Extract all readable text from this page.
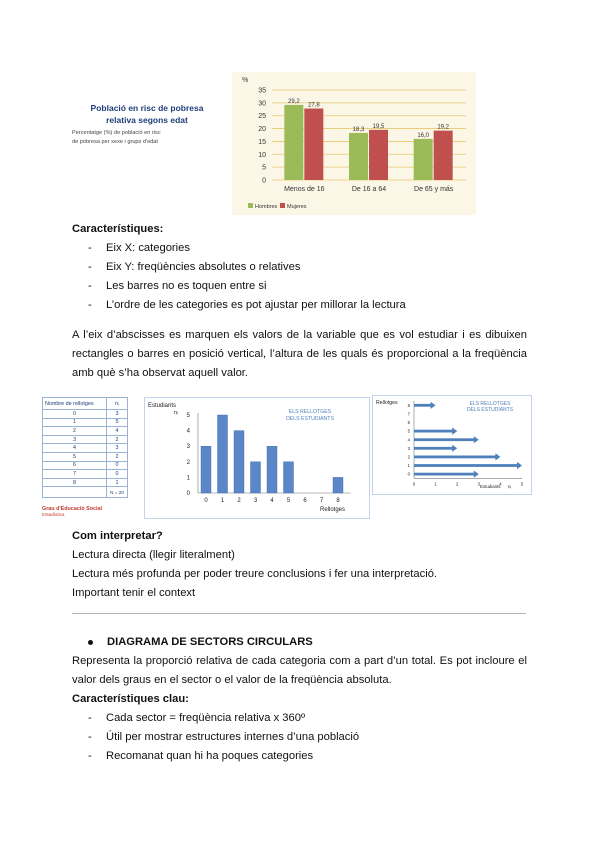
Població en risc de pobresa
relativa segons edat
Percentatge (%) de població en risc
de pobresa per sexe i grups d'edat
%
0
5
10
15
20
25
30
35
29,2
27,8
Menos de 16
18,3
19,5
De 16 a 64
16,0
19,2
De 65 y más
Hombres Mujeres
Característiques:
- Eix X: categories
- Eix Y: freqüències absolutes o relatives
- Les barres no es toquen entre si
- L’ordre de les categories es pot ajustar per millorar la lectura
A l’eix d’abscisses es marquen els valors de la variable que es vol estudiar i es dibuixen rectangles o barres en posició vertical, l’altura de les quals és proporcional a la freqüència amb què s’ha observat aquell valor.
Nombre de rellotges	nᵢ
0	3
1	5
2	4
3	2
4	3
5	2
6	0
7	0
8	1
	N = 20
Grau d'Educació Social
Estadística
Estudiants
nᵢ	ELS RELLOTGES
DELS ESTUDIANTS
0
1
2
3
4
5
0 1 2 3 4 5 6 7 8
Rellotges
Rellotges	ELS RELLOTGES
DELS ESTUDIANTS
0	1	2	3	4	5
0
1
2
3
4
5
6
7
8
Estudiants nᵢ
Com interpretar?
Lectura directa (llegir literalment)
Lectura més profunda per poder treure conclusions i fer una interpretació.
Important tenir el context
DIAGRAMA DE SECTORS CIRCULARS
Representa la proporció relativa de cada categoria com a part d’un total. Es pot incloure el valor dels graus en el sector o el valor de la freqüència absoluta.
Característiques clau:
- Cada sector = freqüència relativa x 360º
- Útil per mostrar estructures internes d’una població
- Recomanat quan hi ha poques categories
